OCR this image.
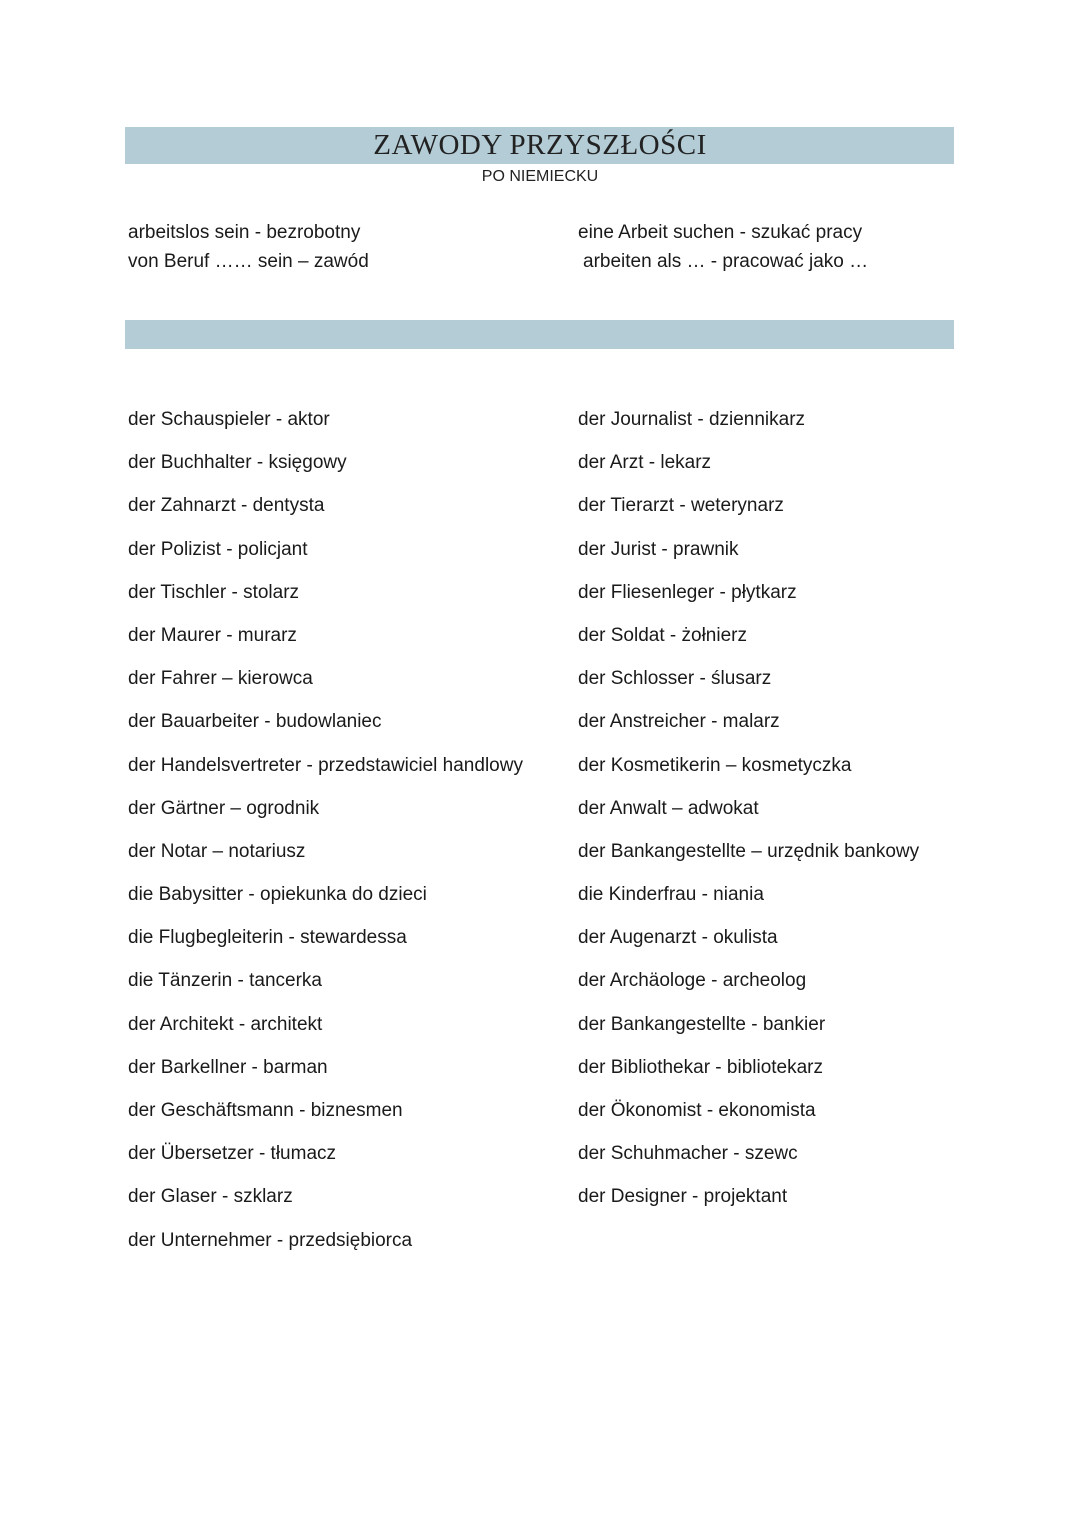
ZAWODY PRZYSZŁOŚCI
PO NIEMIECKU
arbeitslos sein - bezrobotny
von Beruf …… sein – zawód
eine Arbeit suchen - szukać pracy
arbeiten als … - pracować jako …
der Schauspieler - aktor
der Buchhalter - księgowy
der Zahnarzt - dentysta
der Polizist - policjant
der Tischler - stolarz
der Maurer - murarz
der Fahrer – kierowca
der Bauarbeiter - budowlaniec
der Handelsvertreter - przedstawiciel handlowy
der Gärtner – ogrodnik
der Notar – notariusz
die Babysitter - opiekunka do dzieci
die Flugbegleiterin - stewardessa
die Tänzerin - tancerka
der Architekt - architekt
der Barkellner - barman
der Geschäftsmann - biznesmen
der Übersetzer - tłumacz
der Glaser - szklarz
der Unternehmer - przedsiębiorca
der Journalist - dziennikarz
der Arzt - lekarz
der Tierarzt - weterynarz
der Jurist - prawnik
der Fliesenleger - płytkarz
der Soldat - żołnierz
der Schlosser - ślusarz
der Anstreicher - malarz
der Kosmetikerin – kosmetyczka
der Anwalt – adwokat
der Bankangestellte – urzędnik bankowy
die Kinderfrau - niania
der Augenarzt - okulista
der Archäologe - archeolog
der Bankangestellte - bankier
der Bibliothekar - bibliotekarz
der Ökonomist - ekonomista
der Schuhmacher - szewc
der Designer - projektant
